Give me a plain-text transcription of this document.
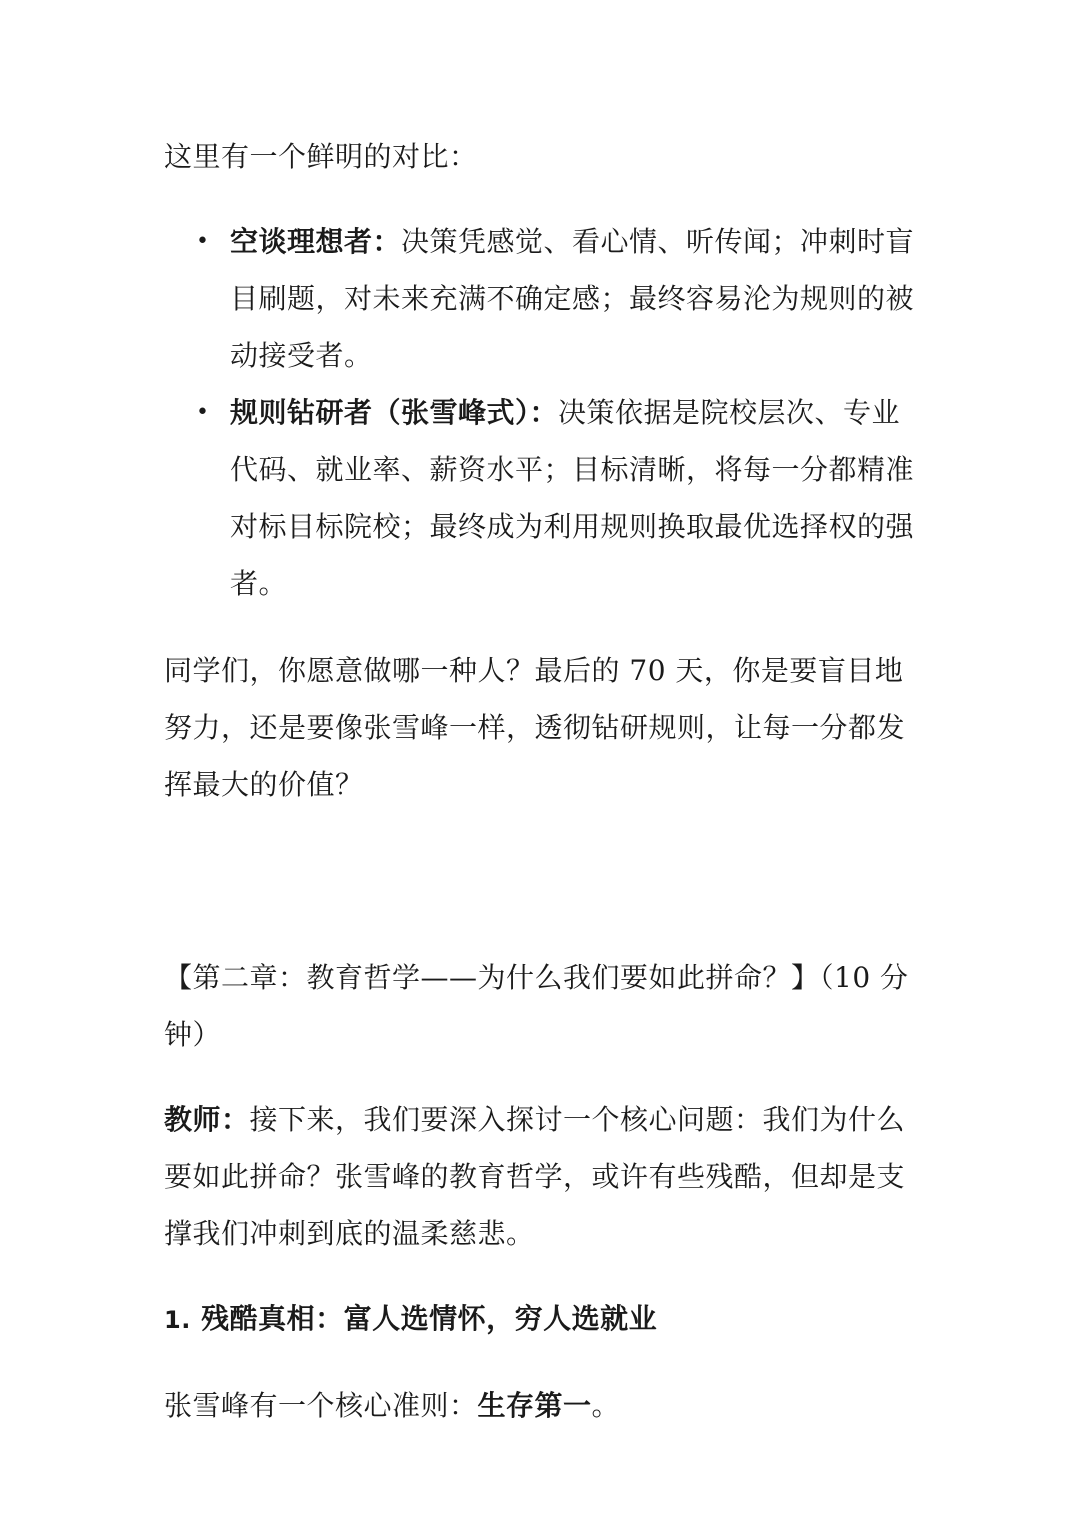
这里有一个鲜明的对比：

• 空谈理想者：决策凭感觉、看心情、听传闻；冲刺时盲目刷题，对未来充满不确定感；最终容易沦为规则的被动接受者。
• 规则钻研者（张雪峰式）：决策依据是院校层次、专业代码、就业率、薪资水平；目标清晰，将每一分都精准对标目标院校；最终成为利用规则换取最优选择权的强者。

同学们，你愿意做哪一种人？最后的 70 天，你是要盲目地努力，还是要像张雪峰一样，透彻钻研规则，让每一分都发挥最大的价值？

【第二章：教育哲学——为什么我们要如此拼命？】（10 分钟）

教师：接下来，我们要深入探讨一个核心问题：我们为什么要如此拼命？张雪峰的教育哲学，或许有些残酷，但却是支撑我们冲刺到底的温柔慈悲。

1. 残酷真相：富人选情怀，穷人选就业

张雪峰有一个核心准则：生存第一。
